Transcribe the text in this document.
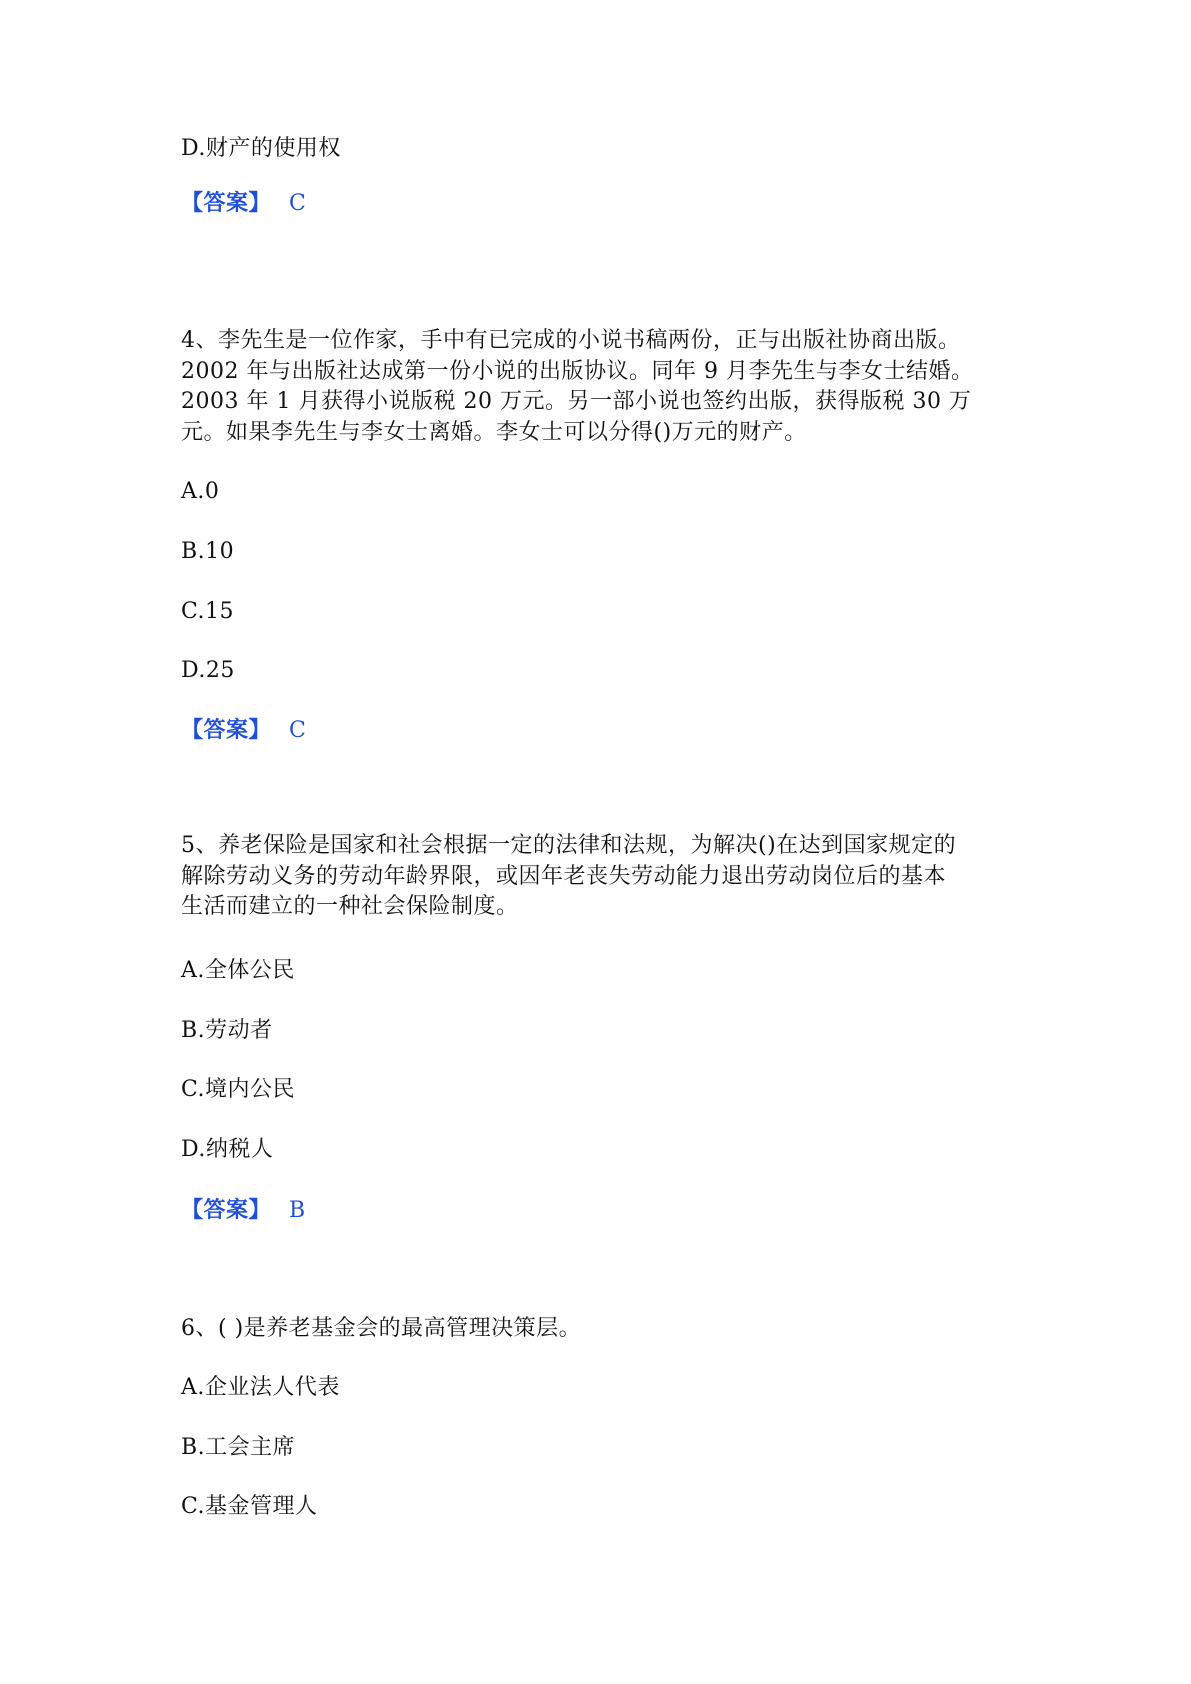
D.财产的使用权
【答案】 C
4、李先生是一位作家，手中有已完成的小说书稿两份，正与出版社协商出版。
2002 年与出版社达成第一份小说的出版协议。同年 9 月李先生与李女士结婚。
2003 年 1 月获得小说版税 20 万元。另一部小说也签约出版，获得版税 30 万
元。如果李先生与李女士离婚。李女士可以分得()万元的财产。
A.0
B.10
C.15
D.25
【答案】 C
5、养老保险是国家和社会根据一定的法律和法规，为解决()在达到国家规定的
解除劳动义务的劳动年龄界限，或因年老丧失劳动能力退出劳动岗位后的基本
生活而建立的一种社会保险制度。
A.全体公民
B.劳动者
C.境内公民
D.纳税人
【答案】 B
6、( )是养老基金会的最高管理决策层。
A.企业法人代表
B.工会主席
C.基金管理人
